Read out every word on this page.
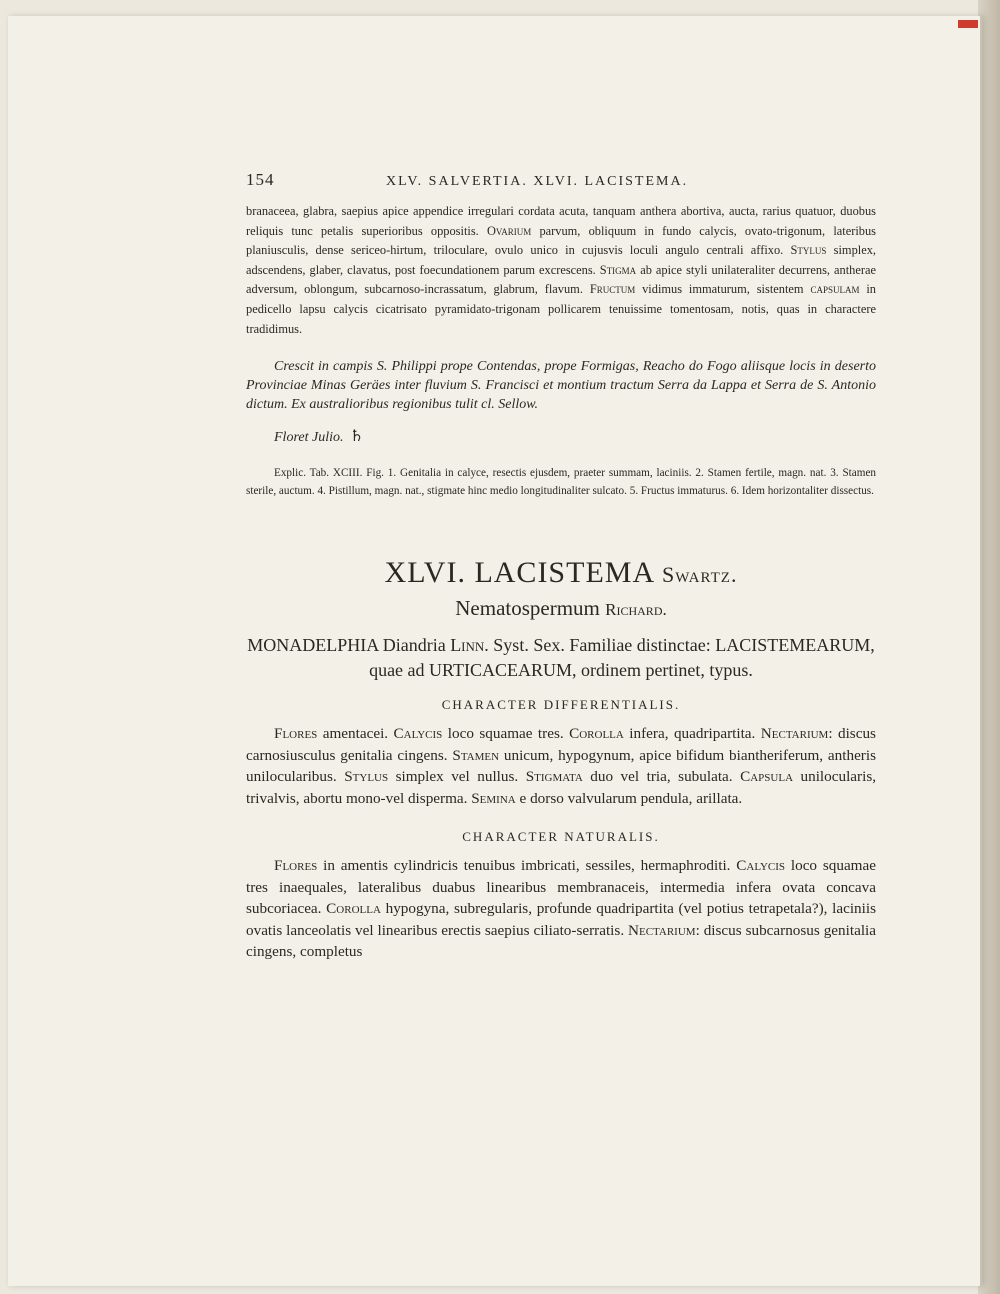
154	XLV. SALVERTIA. XLVI. LACISTEMA.

branaceea, glabra, saepius apice appendice irregulari cordata acuta, tanquam anthera abortiva, aucta, rarius quatuor, duobus reliquis tunc petalis superioribus oppositis. Ovarium parvum, obliquum in fundo calycis, ovato-trigonum, lateribus planiusculis, dense sericeo-hirtum, triloculare, ovulo unico in cujusvis loculi angulo centrali affixo. Stylus simplex, adscendens, glaber, clavatus, post foecundationem parum excrescens. Stigma ab apice styli unilateraliter decurrens, antherae adversum, oblongum, subcarnoso-incrassatum, glabrum, flavum. Fructum vidimus immaturum, sistentem capsulam in pedicello lapsu calycis cicatrisato pyramidato-trigonam pollicarem tenuissime tomentosam, notis, quas in charactere tradidimus.

Crescit in campis S. Philippi prope Contendas, prope Formigas, Reacho do Fogo aliisque locis in deserto Provinciae Minas Geräes inter fluvium S. Francisci et montium tractum Serra da Lappa et Serra de S. Antonio dictum. Ex australioribus regionibus tulit cl. Sellow.

Floret Julio. ♄

Explic. Tab. XCIII. Fig. 1. Genitalia in calyce, resectis ejusdem, praeter summam, laciniis. 2. Stamen fertile, magn. nat. 3. Stamen sterile, auctum. 4. Pistillum, magn. nat., stigmate hinc medio longitudinaliter sulcato. 5. Fructus immaturus. 6. Idem horizontaliter dissectus.

XLVI. LACISTEMA Swartz.
Nematospermum Richard.

MONADELPHIA Diandria Linn. Syst. Sex. Familiae distinctae: LACISTEMEARUM, quae ad URTICACEARUM, ordinem pertinet, typus.

CHARACTER DIFFERENTIALIS.

Flores amentacei. Calycis loco squamae tres. Corolla infera, quadripartita. Nectarium: discus carnosiusculus genitalia cingens. Stamen unicum, hypogynum, apice bifidum biantheriferum, antheris unilocularibus. Stylus simplex vel nullus. Stigmata duo vel tria, subulata. Capsula unilocularis, trivalvis, abortu mono-vel disperma. Semina e dorso valvularum pendula, arillata.

CHARACTER NATURALIS.

Flores in amentis cylindricis tenuibus imbricati, sessiles, hermaphroditi. Calycis loco squamae tres inaequales, lateralibus duabus linearibus membranaceis, intermedia infera ovata concava subcoriacea. Corolla hypogyna, subregularis, profunde quadripartita (vel potius tetrapetala?), laciniis ovatis lanceolatis vel linearibus erectis saepius ciliato-serratis. Nectarium: discus subcarnosus genitalia cingens, completus
